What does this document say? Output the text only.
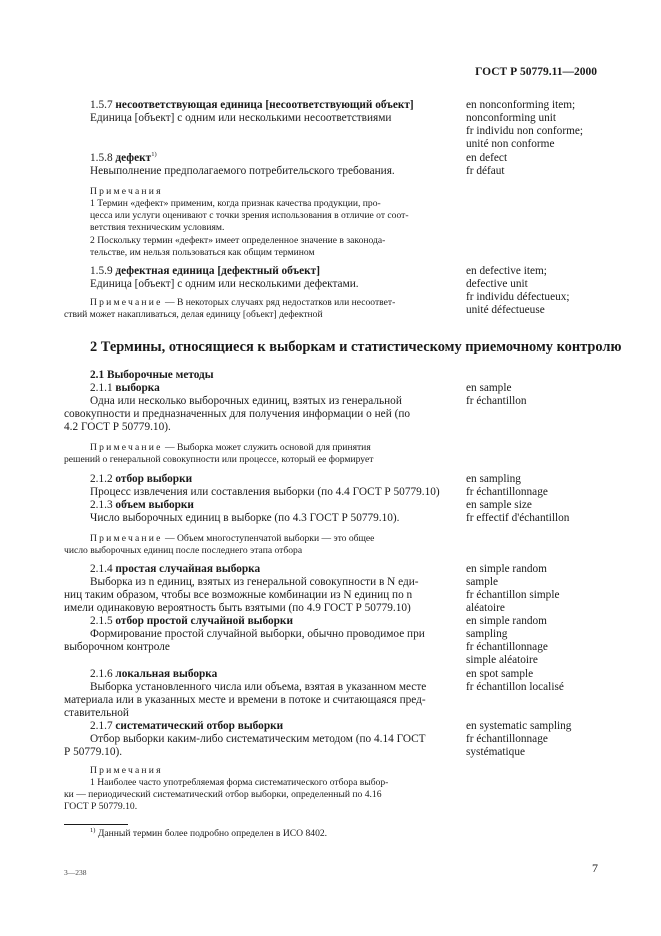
ГОСТ Р 50779.11—2000
1.5.7 несоответствующая единица [несоответствующий объект]
Единица [объект] с одним или несколькими несоответствиями
en nonconforming item;
nonconforming unit
fr individu non conforme;
unité non conforme
1.5.8 дефект$^{1)}$
Невыполнение предполагаемого потребительского требования.
en defect
fr défaut
Примечания
1 Термин «дефект» применим, когда признак качества продукции, про-
цесса или услуги оценивают с точки зрения использования в отличие от соот-
ветствия техническим условиям.
2 Поскольку термин «дефект» имеет определенное значение в законода-
тельстве, им нельзя пользоваться как общим термином
1.5.9 дефектная единица [дефектный объект]
Единица [объект] с одним или несколькими дефектами.
en defective item;
defective unit
fr individu défectueux;
unité défectueuse
Примечание — В некоторых случаях ряд недостатков или несоответ-
ствий может накапливаться, делая единицу [объект] дефектной
2 Термины, относящиеся к выборкам и статистическому приемочному контролю
2.1 Выборочные методы
2.1.1 выборка
Одна или несколько выборочных единиц, взятых из генеральной
совокупности и предназначенных для получения информации о ней (по
4.2 ГОСТ Р 50779.10).
en sample
fr échantillon
Примечание — Выборка может служить основой для принятия
решений о генеральной совокупности или процессе, который ее формирует
2.1.2 отбор выборки
Процесс извлечения или составления выборки (по 4.4 ГОСТ Р 50779.10)
en sampling
fr échantillonnage
2.1.3 объем выборки
Число выборочных единиц в выборке (по 4.3 ГОСТ Р 50779.10).
en sample size
fr effectif d'échantillon
Примечание — Объем многоступенчатой выборки — это общее
число выборочных единиц после последнего этапа отбора
2.1.4 простая случайная выборка
Выборка из n единиц, взятых из генеральной совокупности в N еди-
ниц таким образом, чтобы все возможные комбинации из N единиц по n
имели одинаковую вероятность быть взятыми (по 4.9 ГОСТ Р 50779.10)
en simple random
sample
fr échantillon simple
aléatoire
2.1.5 отбор простой случайной выборки
Формирование простой случайной выборки, обычно проводимое при
выборочном контроле
en simple random
sampling
fr échantillonnage
simple aléatoire
2.1.6 локальная выборка
Выборка установленного числа или объема, взятая в указанном месте
материала или в указанных месте и времени в потоке и считающаяся пред-
ставительной
en spot sample
fr échantillon localisé
2.1.7 систематический отбор выборки
Отбор выборки каким-либо систематическим методом (по 4.14 ГОСТ
Р 50779.10).
en systematic sampling
fr échantillonnage
systématique
Примечания
1 Наиболее часто употребляемая форма систематического отбора выбор-
ки — периодический систематический отбор выборки, определенный по 4.16
ГОСТ Р 50779.10.
$^{1)}$ Данный термин более подробно определен в ИСО 8402.
3—238	7
